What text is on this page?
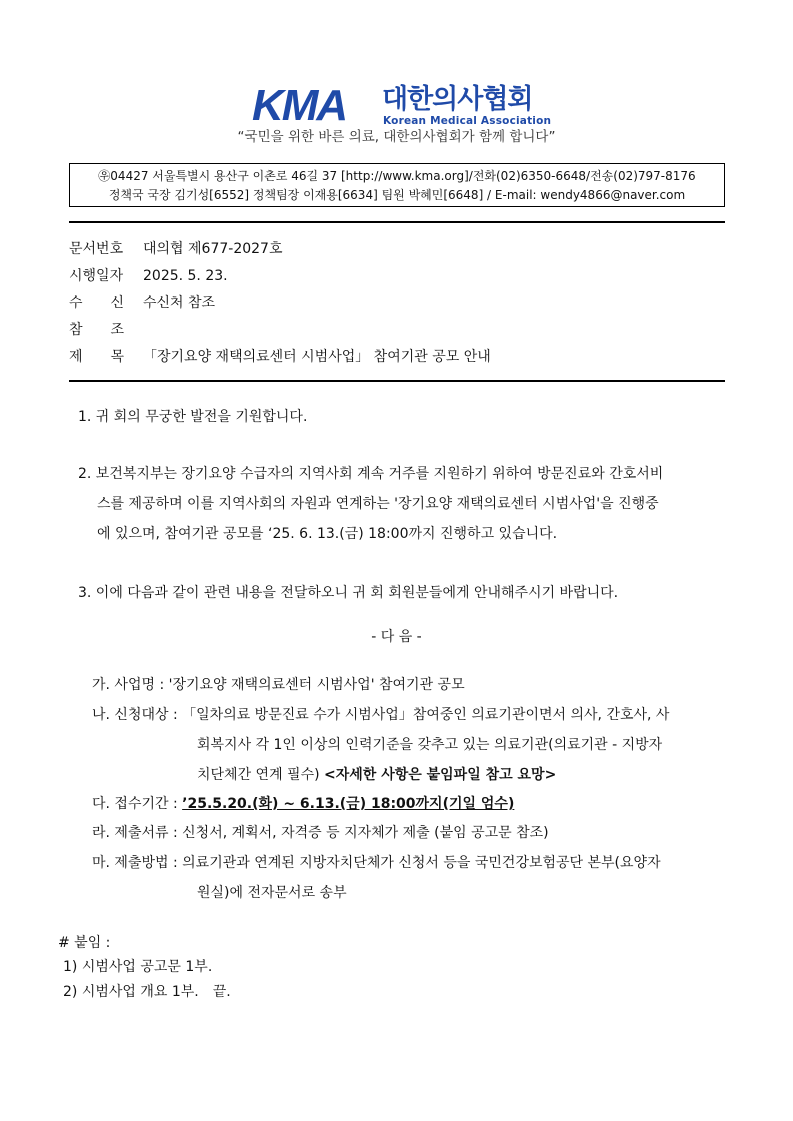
KMA 대한의사협회
Korean Medical Association
“국민을 위한 바른 의료, 대한의사협회가 함께 합니다”
㉾04427 서울특별시 용산구 이촌로 46길 37 [http://www.kma.org]/전화(02)6350-6648/전송(02)797-8176
정책국 국장 김기성[6552] 정책팀장 이재용[6634] 팀원 박혜민[6648] / E-mail: wendy4866@naver.com
문서번호 대의협 제677-2027호
시행일자 2025. 5. 23.
수　　신 수신처 참조
참　　조
제　　목 「장기요양 재택의료센터 시범사업」 참여기관 공모 안내
1. 귀 회의 무궁한 발전을 기원합니다.
2. 보건복지부는 장기요양 수급자의 지역사회 계속 거주를 지원하기 위하여 방문진료와 간호서비
스를 제공하며 이를 지역사회의 자원과 연계하는 '장기요양 재택의료센터 시범사업'을 진행중
에 있으며, 참여기관 공모를 ‘25. 6. 13.(금) 18:00까지 진행하고 있습니다.
3. 이에 다음과 같이 관련 내용을 전달하오니 귀 회 회원분들에게 안내해주시기 바랍니다.
- 다 음 -
가. 사업명 : '장기요양 재택의료센터 시범사업' 참여기관 공모
나. 신청대상 : 「일차의료 방문진료 수가 시범사업」참여중인 의료기관이면서 의사, 간호사, 사
회복지사 각 1인 이상의 인력기준을 갖추고 있는 의료기관(의료기관 - 지방자
치단체간 연계 필수) <자세한 사항은 붙임파일 참고 요망>
다. 접수기간 : ’25.5.20.(화) ~ 6.13.(금) 18:00까지(기일 엄수)
라. 제출서류 : 신청서, 계획서, 자격증 등 지자체가 제출 (붙임 공고문 참조)
마. 제출방법 : 의료기관과 연계된 지방자치단체가 신청서 등을 국민건강보험공단 본부(요양자
원실)에 전자문서로 송부
# 붙임 :
1) 시범사업 공고문 1부.
2) 시범사업 개요 1부.　끝.
